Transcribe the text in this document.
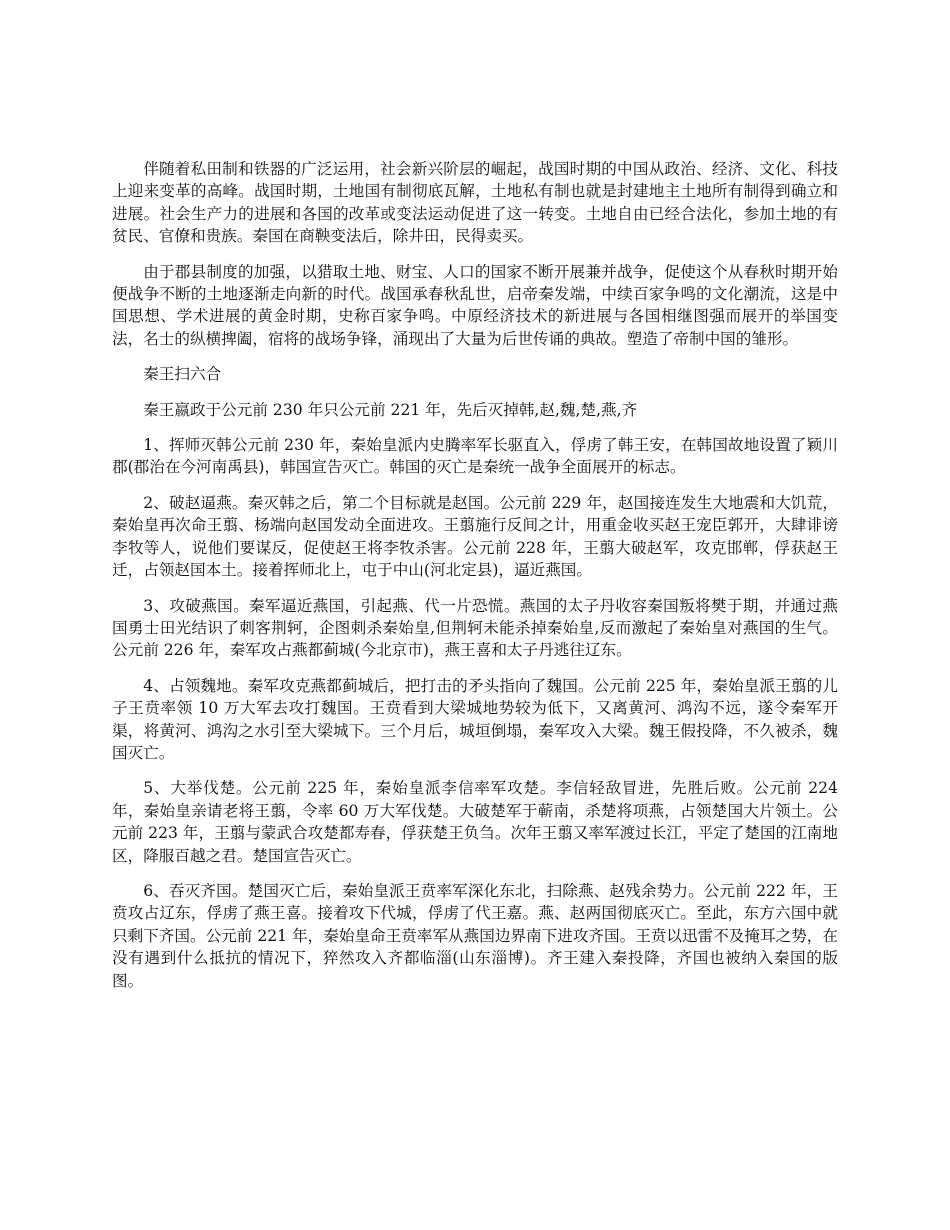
伴随着私田制和铁器的广泛运用，社会新兴阶层的崛起，战国时期的中国从政治、经济、文化、科技上迎来变革的高峰。战国时期，土地国有制彻底瓦解，土地私有制也就是封建地主土地所有制得到确立和进展。社会生产力的进展和各国的改革或变法运动促进了这一转变。土地自由已经合法化，参加土地的有贫民、官僚和贵族。秦国在商鞅变法后，除井田，民得卖买。

由于郡县制度的加强，以猎取土地、财宝、人口的国家不断开展兼并战争，促使这个从春秋时期开始便战争不断的土地逐渐走向新的时代。战国承春秋乱世，启帝秦发端，中续百家争鸣的文化潮流，这是中国思想、学术进展的黄金时期，史称百家争鸣。中原经济技术的新进展与各国相继图强而展开的举国变法，名士的纵横捭阖，宿将的战场争锋，涌现出了大量为后世传诵的典故。塑造了帝制中国的雏形。

秦王扫六合

秦王嬴政于公元前 230 年只公元前 221 年，先后灭掉韩,赵,魏,楚,燕,齐

1、挥师灭韩公元前 230 年，秦始皇派内史腾率军长驱直入，俘虏了韩王安，在韩国故地设置了颖川郡(郡治在今河南禹县)，韩国宣告灭亡。韩国的灭亡是秦统一战争全面展开的标志。

2、破赵逼燕。秦灭韩之后，第二个目标就是赵国。公元前 229 年，赵国接连发生大地震和大饥荒，秦始皇再次命王翦、杨端向赵国发动全面进攻。王翦施行反间之计，用重金收买赵王宠臣郭开，大肆诽谤李牧等人，说他们要谋反，促使赵王将李牧杀害。公元前 228 年，王翦大破赵军，攻克邯郸，俘获赵王迁，占领赵国本土。接着挥师北上，屯于中山(河北定县)，逼近燕国。

3、攻破燕国。秦军逼近燕国，引起燕、代一片恐慌。燕国的太子丹收容秦国叛将樊于期，并通过燕国勇士田光结识了刺客荆轲，企图刺杀秦始皇,但荆轲未能杀掉秦始皇,反而激起了秦始皇对燕国的生气。公元前 226 年，秦军攻占燕都蓟城(今北京市)，燕王喜和太子丹逃往辽东。

4、占领魏地。秦军攻克燕都蓟城后，把打击的矛头指向了魏国。公元前 225 年，秦始皇派王翦的儿子王贲率领 10 万大军去攻打魏国。王贲看到大梁城地势较为低下，又离黄河、鸿沟不远，遂令秦军开渠，将黄河、鸿沟之水引至大梁城下。三个月后，城垣倒塌，秦军攻入大梁。魏王假投降，不久被杀，魏国灭亡。

5、大举伐楚。公元前 225 年，秦始皇派李信率军攻楚。李信轻敌冒进，先胜后败。公元前 224 年，秦始皇亲请老将王翦，令率 60 万大军伐楚。大破楚军于蕲南，杀楚将项燕，占领楚国大片领土。公元前 223 年，王翦与蒙武合攻楚都寿春，俘获楚王负刍。次年王翦又率军渡过长江，平定了楚国的江南地区，降服百越之君。楚国宣告灭亡。

6、吞灭齐国。楚国灭亡后，秦始皇派王贲率军深化东北，扫除燕、赵残余势力。公元前 222 年，王贲攻占辽东，俘虏了燕王喜。接着攻下代城，俘虏了代王嘉。燕、赵两国彻底灭亡。至此，东方六国中就只剩下齐国。公元前 221 年，秦始皇命王贲率军从燕国边界南下进攻齐国。王贲以迅雷不及掩耳之势，在没有遇到什么抵抗的情况下，猝然攻入齐都临淄(山东淄博)。齐王建入秦投降，齐国也被纳入秦国的版图。
